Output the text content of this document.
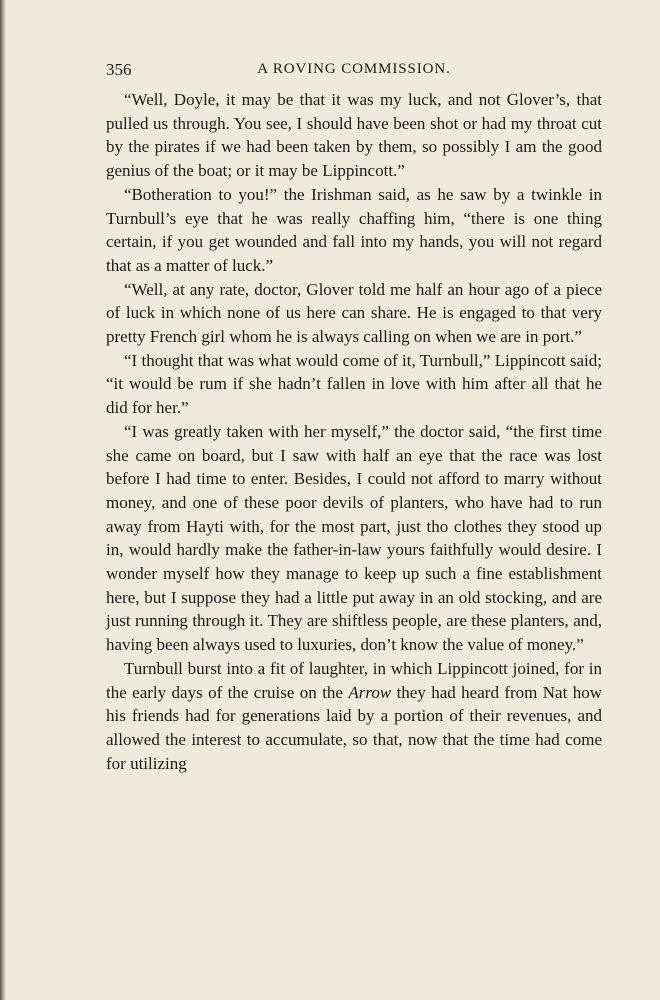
356	A ROVING COMMISSION.

“Well, Doyle, it may be that it was my luck, and not Glover’s, that pulled us through. You see, I should have been shot or had my throat cut by the pirates if we had been taken by them, so possibly I am the good genius of the boat; or it may be Lippincott.”

“Botheration to you!” the Irishman said, as he saw by a twinkle in Turnbull’s eye that he was really chaffing him, “there is one thing certain, if you get wounded and fall into my hands, you will not regard that as a matter of luck.”

“Well, at any rate, doctor, Glover told me half an hour ago of a piece of luck in which none of us here can share. He is engaged to that very pretty French girl whom he is always calling on when we are in port.”

“I thought that was what would come of it, Turnbull,” Lippincott said; “it would be rum if she hadn’t fallen in love with him after all that he did for her.”

“I was greatly taken with her myself,” the doctor said, “the first time she came on board, but I saw with half an eye that the race was lost before I had time to enter. Besides, I could not afford to marry without money, and one of these poor devils of planters, who have had to run away from Hayti with, for the most part, just tho clothes they stood up in, would hardly make the father-in-law yours faithfully would desire. I wonder myself how they manage to keep up such a fine establishment here, but I suppose they had a little put away in an old stocking, and are just running through it. They are shiftless people, are these planters, and, having been always used to luxuries, don’t know the value of money.”

Turnbull burst into a fit of laughter, in which Lippincott joined, for in the early days of the cruise on the Arrow they had heard from Nat how his friends had for generations laid by a portion of their revenues, and allowed the interest to accumulate, so that, now that the time had come for utilizing
